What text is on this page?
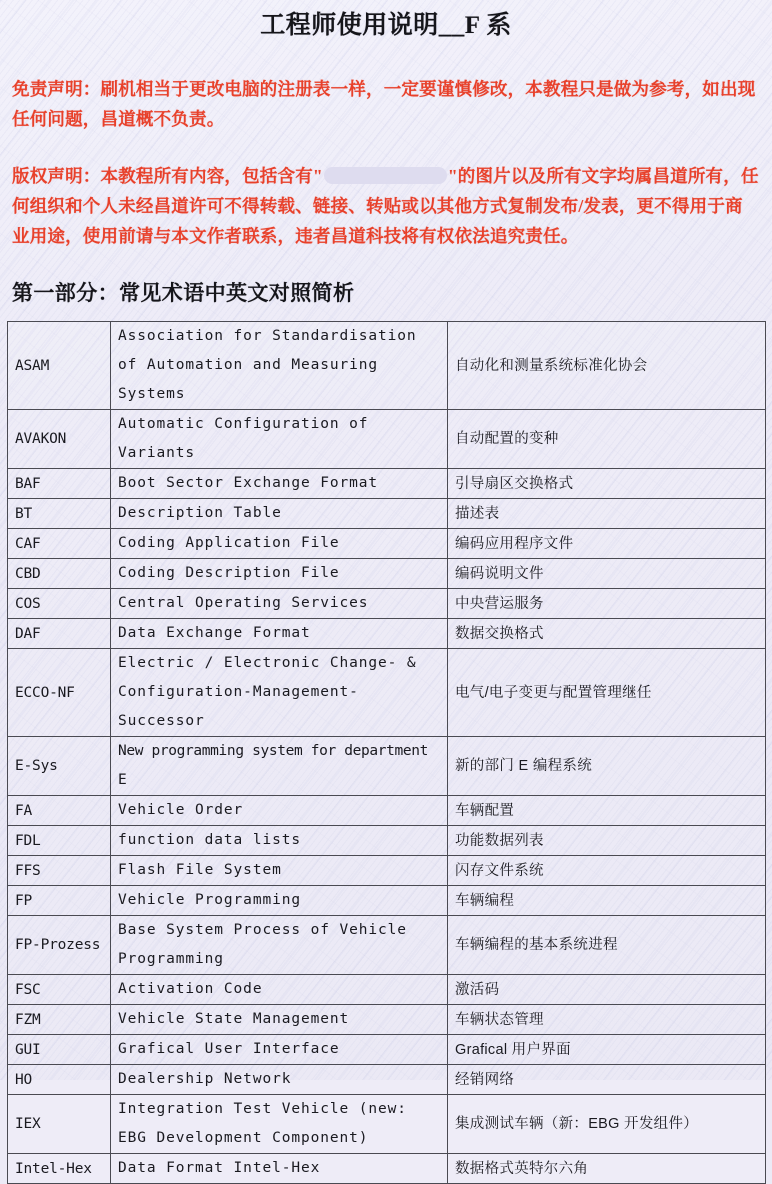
工程师使用说明__F 系

免责声明：刷机相当于更改电脑的注册表一样，一定要谨慎修改，本教程只是做为参考，如出现任何问题，昌道概不负责。

版权声明：本教程所有内容，包括含有"	"的图片以及所有文字均属昌道所有，任何组织和个人未经昌道许可不得转载、链接、转贴或以其他方式复制发布/发表，更不得用于商业用途，使用前请与本文作者联系，违者昌道科技将有权依法追究责任。

第一部分：常见术语中英文对照简析
ASAM	Association for Standardisation of Automation and Measuring Systems	自动化和测量系统标准化协会
AVAKON	Automatic Configuration of Variants	自动配置的变种
BAF	Boot Sector Exchange Format	引导扇区交换格式
BT	Description Table	描述表
CAF	Coding Application File	编码应用程序文件
CBD	Coding Description File	编码说明文件
COS	Central Operating Services	中央营运服务
DAF	Data Exchange Format	数据交换格式
ECCO-NF	Electric / Electronic Change- & Configuration-Management-Successor	电气/电子变更与配置管理继任
E-Sys	New programming system for department E	新的部门 E 编程系统
FA	Vehicle Order	车辆配置
FDL	function data lists	功能数据列表
FFS	Flash File System	闪存文件系统
FP	Vehicle Programming	车辆编程
FP-Prozess	Base System Process of Vehicle Programming	车辆编程的基本系统进程
FSC	Activation Code	激活码
FZM	Vehicle State Management	车辆状态管理
GUI	Grafical User Interface	Grafical 用户界面
HO	Dealership Network	经销网络
IEX	Integration Test Vehicle (new: EBG Development Component)	集成测试车辆（新：EBG 开发组件）
Intel-Hex	Data Format Intel-Hex	数据格式英特尔六角
